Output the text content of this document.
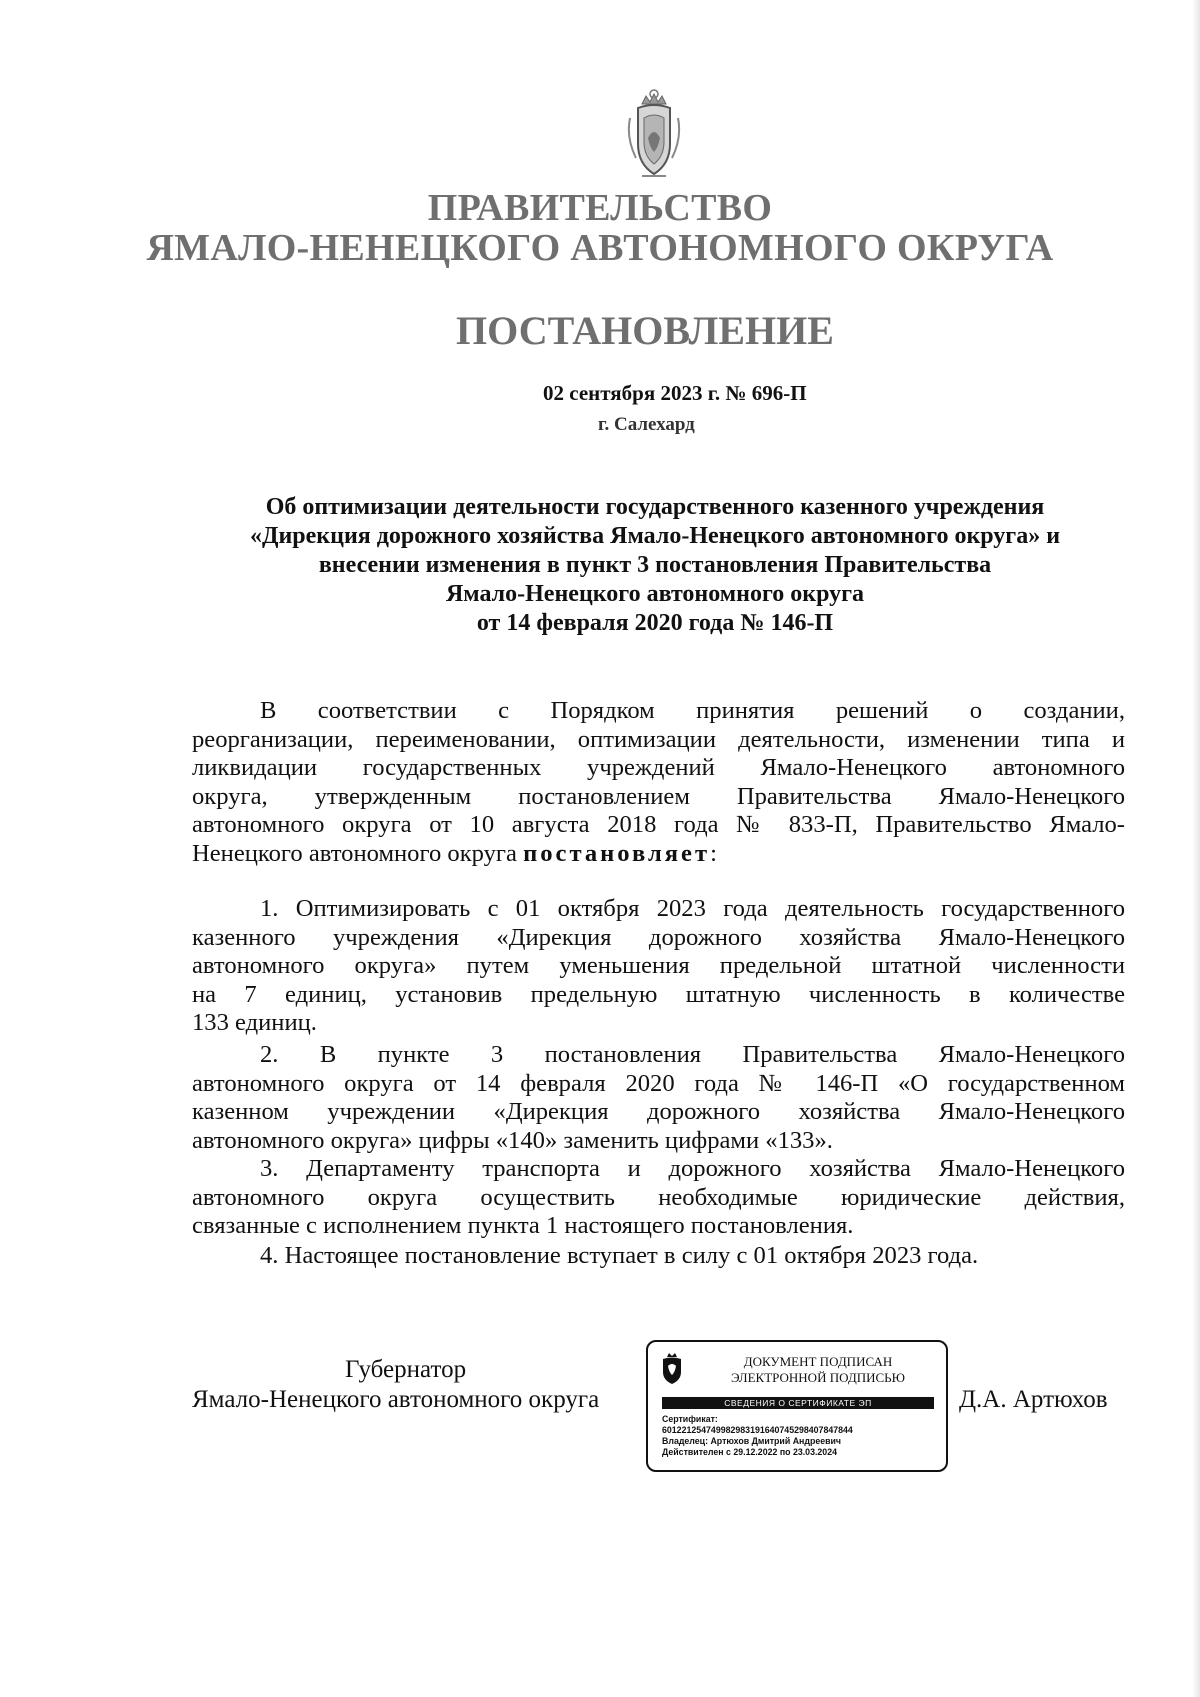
ПРАВИТЕЛЬСТВО
ЯМАЛО-НЕНЕЦКОГО АВТОНОМНОГО ОКРУГА
ПОСТАНОВЛЕНИЕ
02 сентября 2023 г. № 696-П
г. Салехард
Об оптимизации деятельности государственного казенного учреждения
«Дирекция дорожного хозяйства Ямало-Ненецкого автономного округа» и
внесении изменения в пункт 3 постановления Правительства
Ямало-Ненецкого автономного округа
от 14 февраля 2020 года № 146-П
В соответствии с Порядком принятия решений о создании,
реорганизации, переименовании, оптимизации деятельности, изменении типа и
ликвидации государственных учреждений Ямало-Ненецкого автономного
округа, утвержденным постановлением Правительства Ямало-Ненецкого
автономного округа от 10 августа 2018 года № 833-П, Правительство Ямало-
Ненецкого автономного округа постановляет:
1. Оптимизировать с 01 октября 2023 года деятельность государственного
казенного учреждения «Дирекция дорожного хозяйства Ямало-Ненецкого
автономного округа» путем уменьшения предельной штатной численности
на 7 единиц, установив предельную штатную численность в количестве
133 единиц.
2. В пункте 3 постановления Правительства Ямало-Ненецкого
автономного округа от 14 февраля 2020 года № 146-П «О государственном
казенном учреждении «Дирекция дорожного хозяйства Ямало-Ненецкого
автономного округа» цифры «140» заменить цифрами «133».
3. Департаменту транспорта и дорожного хозяйства Ямало-Ненецкого
автономного округа осуществить необходимые юридические действия,
связанные с исполнением пункта 1 настоящего постановления.
4. Настоящее постановление вступает в силу с 01 октября 2023 года.
Губернатор
Ямало-Ненецкого автономного округа	Д.А. Артюхов
ДОКУМЕНТ ПОДПИСАН
ЭЛЕКТРОННОЙ ПОДПИСЬЮ
СВЕДЕНИЯ О СЕРТИФИКАТЕ ЭП
Сертификат:
601221254749982983191640745298407847844
Владелец: Артюхов Дмитрий Андреевич
Действителен с 29.12.2022 по 23.03.2024
